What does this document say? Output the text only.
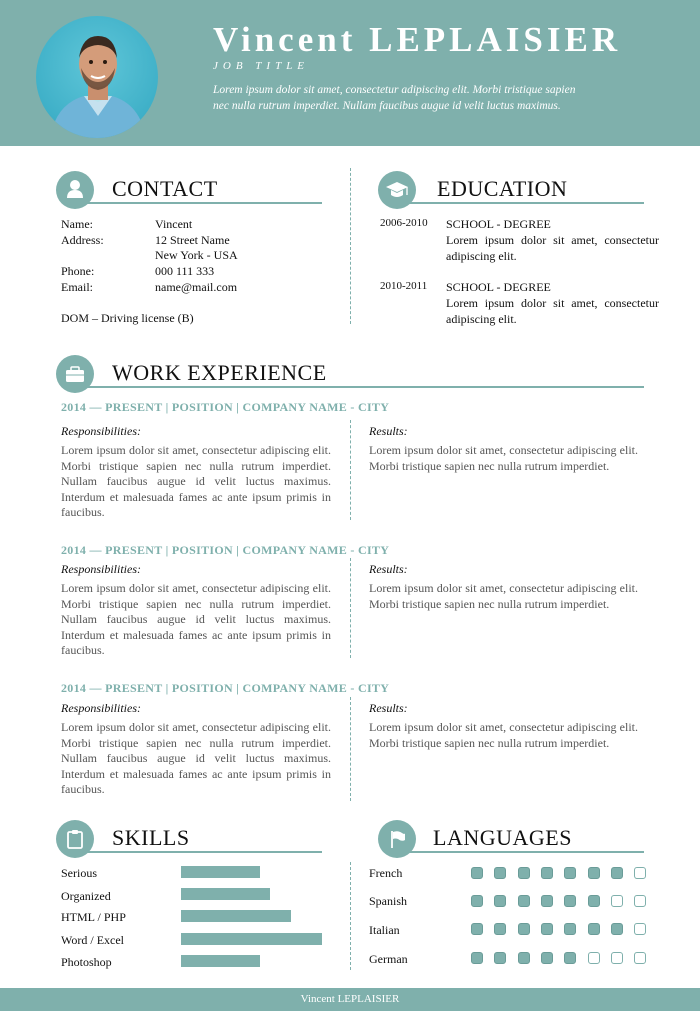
Vincent LEPLAISIER
JOB TITLE
Lorem ipsum dolor sit amet, consectetur adipiscing elit. Morbi tristique sapien nec nulla rutrum imperdiet. Nullam faucibus augue id velit luctus maximus.
CONTACT
Name:	Vincent
Address:	12 Street Name
New York - USA
Phone:	000 111 333
Email:	name@mail.com
DOM – Driving license (B)
EDUCATION
2006-2010 SCHOOL - DEGREE
Lorem ipsum dolor sit amet, consectetur adipiscing elit.
2010-2011 SCHOOL - DEGREE
Lorem ipsum dolor sit amet, consectetur adipiscing elit.
WORK EXPERIENCE
2014 — PRESENT | POSITION | COMPANY NAME - CITY
Responsibilities:
Lorem ipsum dolor sit amet, consectetur adipiscing elit. Morbi tristique sapien nec nulla rutrum imperdiet. Nullam faucibus augue id velit luctus maximus. Interdum et malesuada fames ac ante ipsum primis in faucibus.
Results:
Lorem ipsum dolor sit amet, consectetur adipiscing elit. Morbi tristique sapien nec nulla rutrum imperdiet.
2014 — PRESENT | POSITION | COMPANY NAME - CITY
Responsibilities:
Lorem ipsum dolor sit amet, consectetur adipiscing elit. Morbi tristique sapien nec nulla rutrum imperdiet. Nullam faucibus augue id velit luctus maximus. Interdum et malesuada fames ac ante ipsum primis in faucibus.
Results:
Lorem ipsum dolor sit amet, consectetur adipiscing elit. Morbi tristique sapien nec nulla rutrum imperdiet.
2014 — PRESENT | POSITION | COMPANY NAME - CITY
Responsibilities:
Lorem ipsum dolor sit amet, consectetur adipiscing elit. Morbi tristique sapien nec nulla rutrum imperdiet. Nullam faucibus augue id velit luctus maximus. Interdum et malesuada fames ac ante ipsum primis in faucibus.
Results:
Lorem ipsum dolor sit amet, consectetur adipiscing elit. Morbi tristique sapien nec nulla rutrum imperdiet.
SKILLS
Serious
Organized
HTML / PHP
Word / Excel
Photoshop
LANGUAGES
French
Spanish
Italian
German
Vincent LEPLAISIER
